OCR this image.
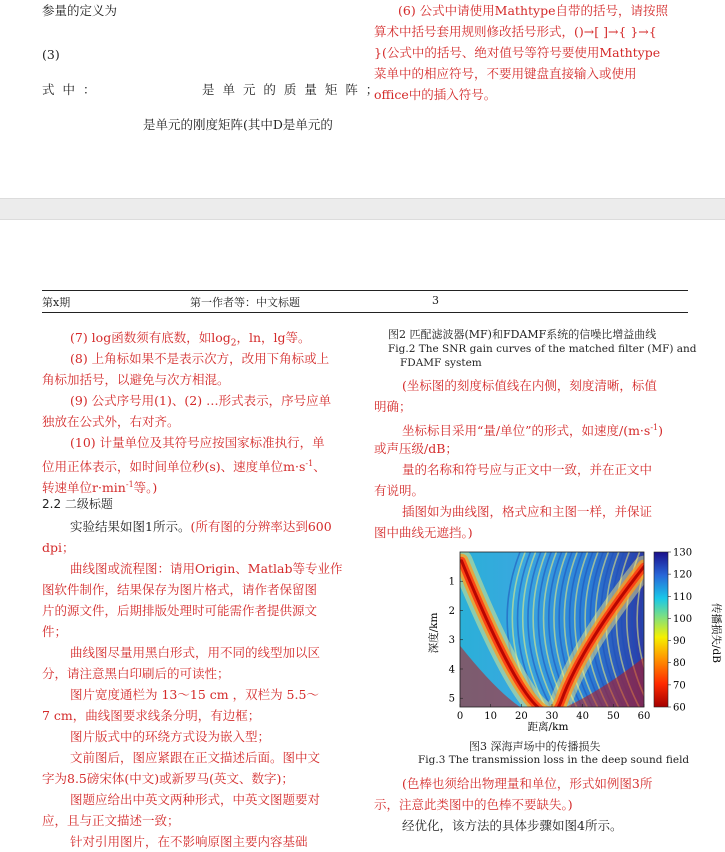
参量的定义为
(3)
式 中 ：	是 单 元 的 质 量 矩 阵 ；
是单元的刚度矩阵(其中D是单元的
(6) 公式中请使用Mathtype自带的括号，请按照
算术中括号套用规则修改括号形式，()→[ ]→{ }→{
}(公式中的括号、绝对值号等符号要使用Mathtype
菜单中的相应符号，不要用键盘直接输入或使用
office中的插入符号。
第x期	第一作者等：中文标题	3
(7) log函数须有底数，如$\log_2$，ln，lg等。
(8) 上角标如果不是表示次方，改用下角标或上
角标加括号，以避免与次方相混。
(9) 公式序号用(1)、(2) …形式表示，序号应单
独放在公式外，右对齐。
(10) 计量单位及其符号应按国家标准执行，单
位用正体表示，如时间单位秒(s)、速度单位$m\cdot s^{-1}$、
转速单位$r\cdot\min^{-1}$等。)
2.2 二级标题
实验结果如图1所示。(所有图的分辨率达到600
dpi；
曲线图或流程图：请用Origin、Matlab等专业作
图软件制作，结果保存为图片格式，请作者保留图
片的源文件，后期排版处理时可能需作者提供源文
件；
曲线图尽量用黑白形式，用不同的线型加以区
分，请注意黑白印刷后的可读性；
图片宽度通栏为 13～15 cm ，双栏为 5.5～
7 cm，曲线图要求线条分明，有边框；
图片版式中的环绕方式设为嵌入型；
文前图后，图应紧跟在正文描述后面。图中文
字为8.5磅宋体(中文)或新罗马(英文、数字)；
图题应给出中英文两种形式，中英文图题要对
应，且与正文描述一致；
针对引用图片，在不影响原图主要内容基础
图2 匹配滤波器(MF)和FDAMF系统的信噪比增益曲线
Fig.2 The SNR gain curves of the matched filter (MF) and
FDAMF system
(坐标图的刻度标值线在内侧，刻度清晰，标值
明确；
坐标标目采用“量/单位”的形式，如速度$/(m\cdot s^{-1})$
或声压级/dB；
量的名称和符号应与正文中一致，并在正文中
有说明。
插图如为曲线图，格式应和主图一样，并保证
图中曲线无遮挡。)
0 10 20 30 40 50 60
1
2
3
4
5
距离/km
深度/km
130
120
110
100
90
80
70
60
传播损失/dB
图3 深海声场中的传播损失
Fig.3 The transmission loss in the deep sound field
(色棒也须给出物理量和单位，形式如例图3所
示，注意此类图中的色棒不要缺失。)
经优化，该方法的具体步骤如图4所示。
